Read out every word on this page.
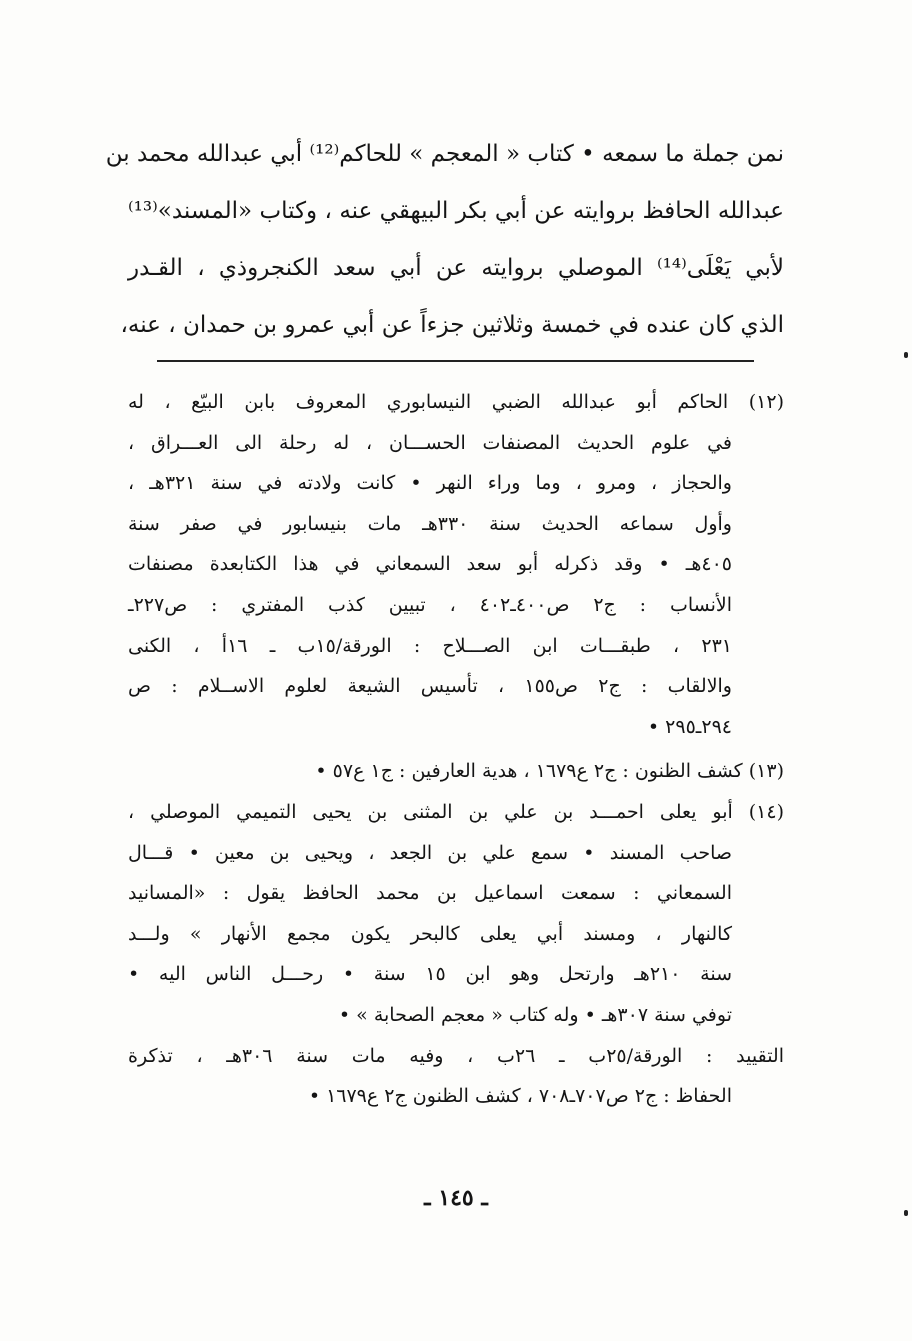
نمن جملة ما سمعه • كتاب « المعجم » للحاكم⁽¹²⁾ أبي عبدالله محمد بن
عبدالله الحافظ بروايته عن أبي بكر البيهقي عنه ، وكتاب «المسند»⁽¹³⁾
لأبي يَعْلَى⁽¹⁴⁾ الموصلي بروايته عن أبي سعد الكنجروذي ، القـدر
الذي كان عنده في خمسة وثلاثين جزءاً عن أبي عمرو بن حمدان ، عنه،
(١٢) الحاكم أبو عبدالله الضبي النيسابوري المعروف بابن البيّع ، له
في علوم الحديث المصنفات الحســـان ، له رحلة الى العـــراق ،
والحجاز ، ومرو ، وما وراء النهر • كانت ولادته في سنة ٣٢١هـ ،
وأول سماعه الحديث سنة ٣٣٠هـ مات بنيسابور في صفر سنة
٤٠٥هـ • وقد ذكرله أبو سعد السمعاني في هذا الكتابعدة مصنفات
الأنساب : ج٢ ص٤٠٠ـ٤٠٢ ، تبيين كذب المفتري : ص٢٢٧ـ
٢٣١ ، طبقـــات ابن الصـــلاح : الورقة/١٥ب ـ ١٦أ ، الكنى
والالقاب : ج٢ ص١٥٥ ، تأسيس الشيعة لعلوم الاســلام : ص
٢٩٤ـ٢٩٥ •
(١٣) كشف الظنون : ج٢ ع١٦٧٩ ، هدية العارفين : ج١ ع٥٧ •
(١٤) أبو يعلى احمـــد بن علي بن المثنى بن يحيى التميمي الموصلي ،
صاحب المسند • سمع علي بن الجعد ، ويحيى بن معين • قـــال
السمعاني : سمعت اسماعيل بن محمد الحافظ يقول : «المسانيد
كالنهار ، ومسند أبي يعلى كالبحر يكون مجمع الأنهار » ولـــد
سنة ٢١٠هـ وارتحل وهو ابن ١٥ سنة • رحـــل الناس اليه •
توفي سنة ٣٠٧هـ • وله كتاب « معجم الصحابة » •
التقييد : الورقة/٢٥ب ـ ٢٦ب ، وفيه مات سنة ٣٠٦هـ ، تذكرة
الحفاظ : ج٢ ص٧٠٧ـ٧٠٨ ، كشف الظنون ج٢ ع١٦٧٩ •
ـ ١٤٥ ـ
